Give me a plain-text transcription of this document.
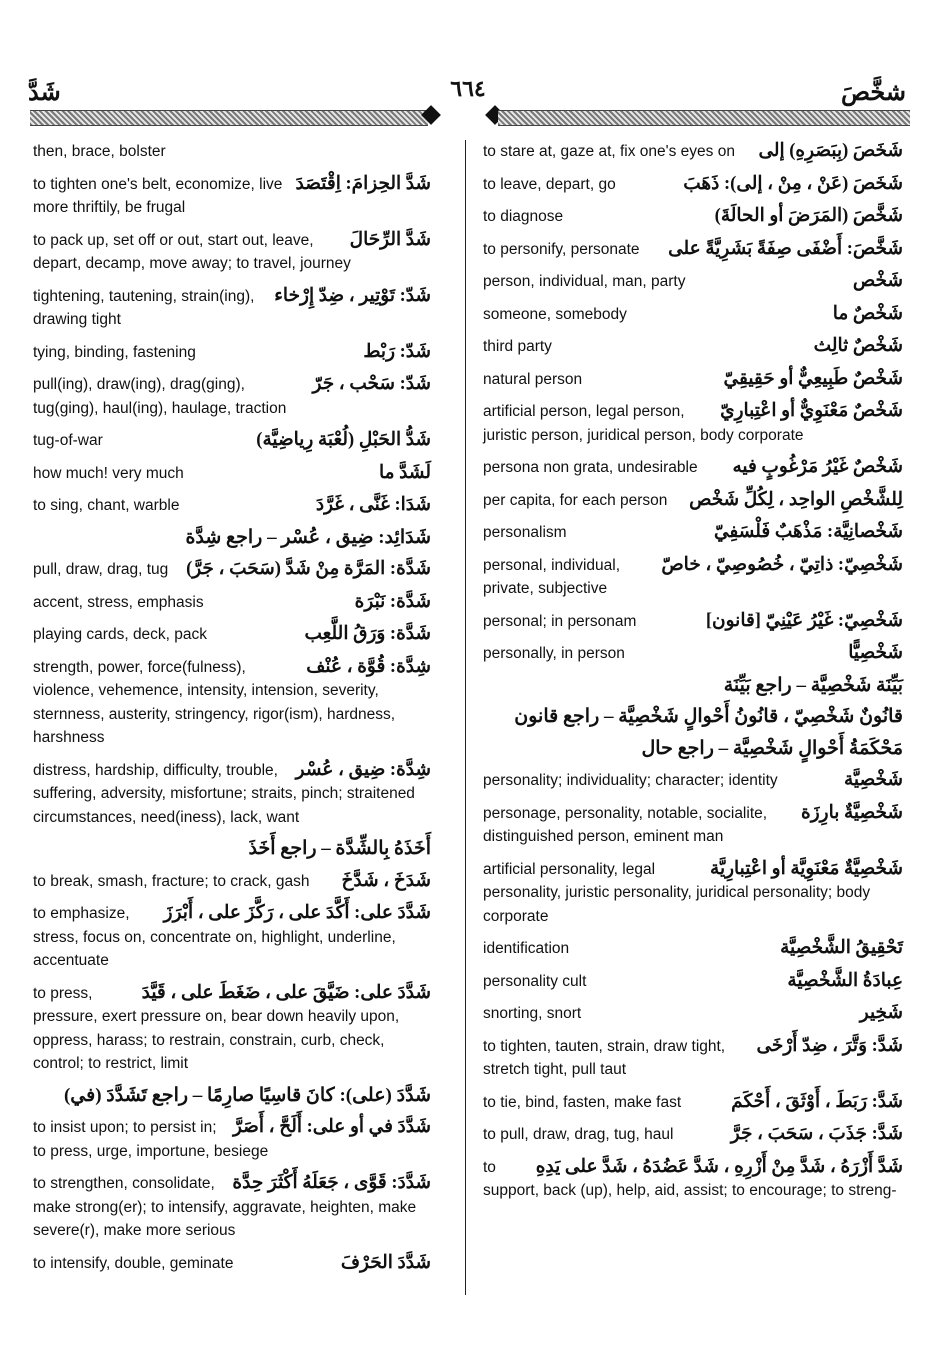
شَدَّ	٦٦٤	شخَّصَ
then, brace, bolster
شَدَّ الحِزامَ: اِقْتَصَدَ
to tighten one's belt, economize, live more thriftily, be frugal
شَدَّ الرِّحَالَ
to pack up, set off or out, start out, leave, depart, decamp, move away; to travel, journey
شَدّ: تَوْتِير ، ضِدّ إِرْخاء
tightening, tautening, strain(ing), drawing tight
شَدّ: رَبْط
tying, binding, fastening
شَدّ: سَحْب ، جَرّ
pull(ing), draw(ing), drag(ging), tug(ging), haul(ing), haulage, traction
شَدُّ الحَبْلِ (لُعْبَة رِياضِيَّة)
tug-of-war
لَشَدَّ ما
how much! very much
شَدَا: غَنَّى ، غَرَّدَ
to sing, chant, warble
شَدَائِد: ضِيق ، عُسْر – راجع شِدَّة
شَدَّة: المَرَّة مِنْ شَدَّ (سَحَبَ ، جَرَّ)
pull, draw, drag, tug
شَدَّة: نَبْرَة
accent, stress, emphasis
شَدَّة: وَرَقُ اللَّعِب
playing cards, deck, pack
شِدَّة: قُوَّة ، عُنْف
strength, power, force(fulness), violence, vehemence, intensity, intension, severity, sternness, austerity, stringency, rigor(ism), hardness, harshness
شِدَّة: ضِيق ، عُسْر
distress, hardship, difficulty, trouble, suffering, adversity, misfortune; straits, pinch; straitened circumstances, need(iness), lack, want
أَخَذَهُ بِالشِّدَّة – راجع أَخَذَ
شَدَخَ ، شَدَّخَ
to break, smash, fracture; to crack, gash
شَدَّدَ على: أَكَّدَ على ، رَكَّزَ على ، أَبْرَزَ
to emphasize, stress, focus on, concentrate on, highlight, underline, accentuate
شَدَّدَ على: ضَيَّقَ على ، ضَغَطَ على ، قَيَّدَ
to press, pressure, exert pressure on, bear down heavily upon, oppress, harass; to restrain, constrain, curb, check, control; to restrict, limit
شَدَّدَ (على): كانَ قاسِيًا صارِمًا – راجع تَشَدَّدَ (في)
شَدَّدَ في أو على: أَلَحَّ ، أَصَرَّ
to insist upon; to persist in; to press, urge, importune, besiege
شَدَّدَ: قَوَّى ، جَعَلَهُ أَكْثَرَ حِدَّة
to strengthen, consolidate, make strong(er); to intensify, aggravate, heighten, make severe(r), make more serious
شَدَّدَ الحَرْفَ
to intensify, double, geminate
شَخَصَ (بِبَصَرِهِ) إلى
to stare at, gaze at, fix one's eyes on
شَخَصَ (عَنْ ، مِنْ ، إلى): ذَهَبَ
to leave, depart, go
شَخَّصَ (المَرَضَ أو الحالَةَ)
to diagnose
شَخَّصَ: أَضْفَى صِفَةً بَشَرِيَّةً على
to personify, personate
شَخْص
person, individual, man, party
شَخْصٌ ما
someone, somebody
شَخْصٌ ثالِث
third party
شَخْصٌ طَبِيعِيٌّ أو حَقِيقِيّ
natural person
شَخْصٌ مَعْنَوِيٌّ أو اعْتِبارِيّ
artificial person, legal person, juristic person, juridical person, body corporate
شَخْصٌ غَيْرُ مَرْغُوبٍ فيه
persona non grata, undesirable
لِلشَّخْصِ الواحِد ، لِكُلِّ شَخْص
per capita, for each person
شَخْصانِيَّة: مَذْهَبٌ فَلْسَفِيّ
personalism
شَخْصِيّ: ذاتِيّ ، خُصُوصِيّ ، خاصّ
personal, individual, private, subjective
شَخْصِيّ: غَيْرُ عَيْنِيّ [قانون]
personal; in personam
شَخْصِيًّا
personally, in person
بَيِّنَة شَخْصِيَّة – راجع بَيِّنَة
قانُونٌ شَخْصِيّ ، قانُونُ أَحْوالٍ شَخْصِيَّة – راجع قانون
مَحْكَمَةُ أَحْوالٍ شَخْصِيَّة – راجع حال
شَخْصِيَّة
personality; individuality; character; identity
شَخْصِيَّةٌ بارِزَة
personage, personality, notable, socialite, distinguished person, eminent man
شَخْصِيَّةٌ مَعْنَوِيَّة أو اعْتِبارِيَّة
artificial personality, legal personality, juristic personality, juridical personality; body corporate
تَحْقِيقُ الشَّخْصِيَّة
identification
عِبادَةُ الشَّخْصِيَّة
personality cult
شَخِير
snorting, snort
شَدَّ: وَتَّرَ ، ضِدّ أَرْخَى
to tighten, tauten, strain, draw tight, stretch tight, pull taut
شَدَّ: رَبَطَ ، أَوْثَقَ ، أَحْكَمَ
to tie, bind, fasten, make fast
شَدَّ: جَذَبَ ، سَحَبَ ، جَرَّ
to pull, draw, drag, tug, haul
شَدَّ أَزْرَهُ ، شَدَّ مِنْ أَزْرِهِ ، شَدَّ عَضُدَهُ ، شَدَّ على يَدِهِ
to support, back (up), help, aid, assist; to encourage; to streng-
